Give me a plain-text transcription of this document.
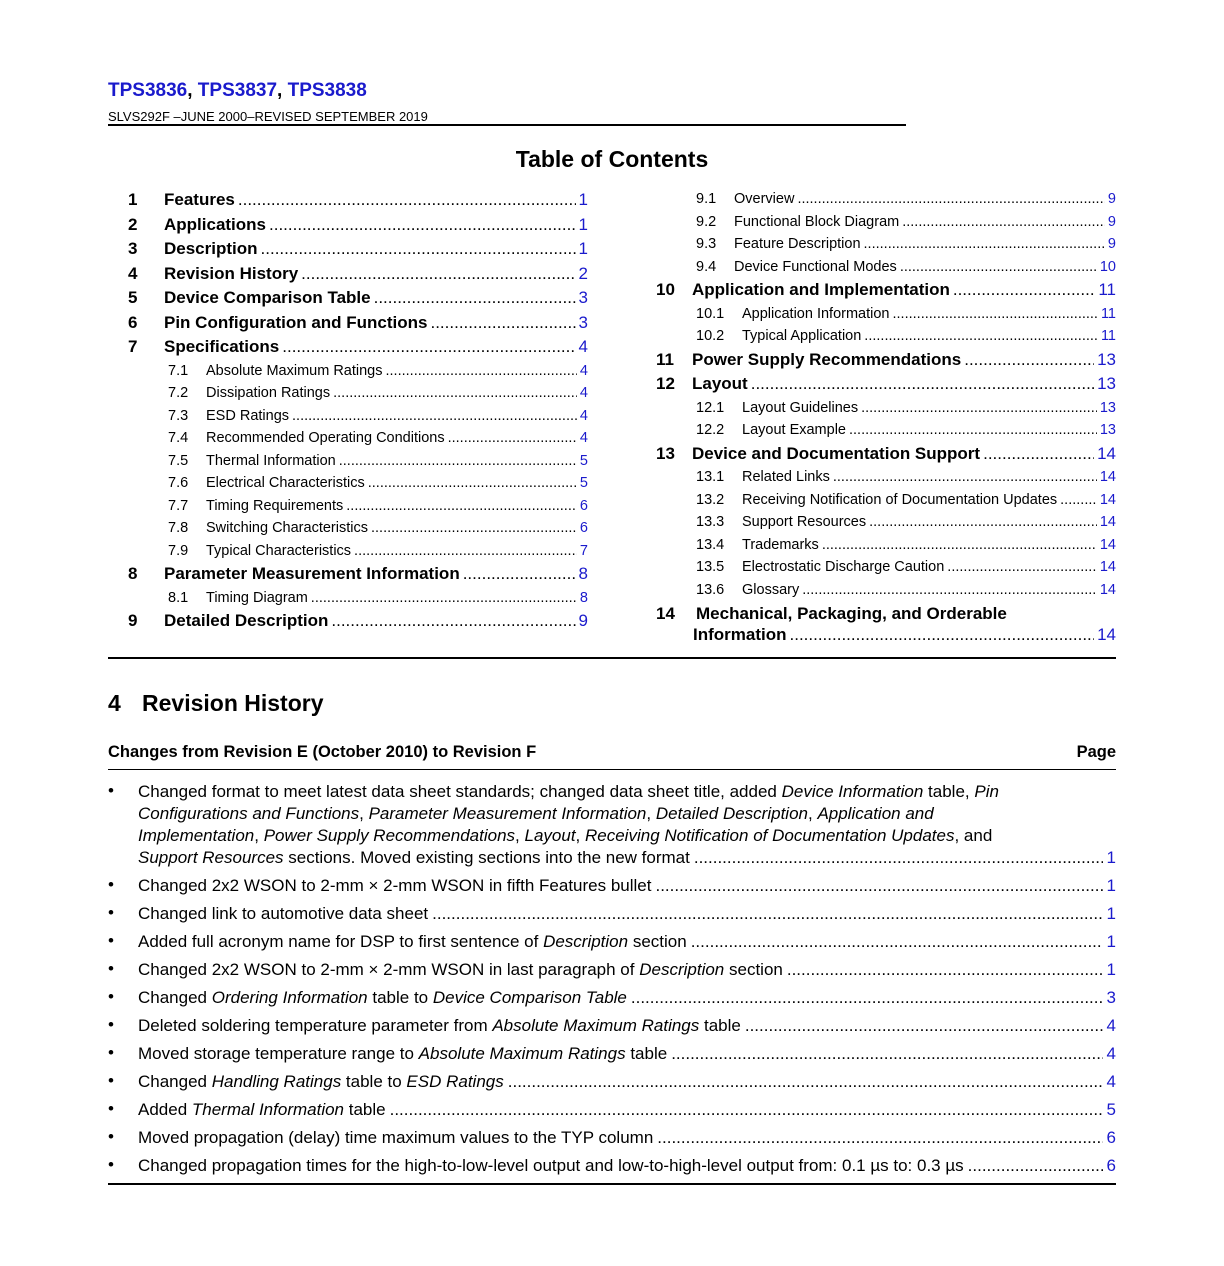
TPS3836, TPS3837, TPS3838
SLVS292F –JUNE 2000–REVISED SEPTEMBER 2019
Table of Contents
1	Features .....	1
2	Applications .....	1
3	Description .....	1
4	Revision History .....	2
5	Device Comparison Table .....	3
6	Pin Configuration and Functions .....	3
7	Specifications .....	4
7.1	Absolute Maximum Ratings .....	4
7.2	Dissipation Ratings .....	4
7.3	ESD Ratings .....	4
7.4	Recommended Operating Conditions .....	4
7.5	Thermal Information .....	5
7.6	Electrical Characteristics .....	5
7.7	Timing Requirements .....	6
7.8	Switching Characteristics .....	6
7.9	Typical Characteristics .....	7
8	Parameter Measurement Information .....	8
8.1	Timing Diagram .....	8
9	Detailed Description .....	9
9.1	Overview .....	9
9.2	Functional Block Diagram .....	9
9.3	Feature Description .....	9
9.4	Device Functional Modes .....	10
10	Application and Implementation .....	11
10.1	Application Information .....	11
10.2	Typical Application .....	11
11	Power Supply Recommendations .....	13
12	Layout .....	13
12.1	Layout Guidelines .....	13
12.2	Layout Example .....	13
13	Device and Documentation Support .....	14
13.1	Related Links .....	14
13.2	Receiving Notification of Documentation Updates .....	14
13.3	Support Resources .....	14
13.4	Trademarks .....	14
13.5	Electrostatic Discharge Caution .....	14
13.6	Glossary .....	14
14	Mechanical, Packaging, and Orderable
Information .....	14
4 Revision History
Changes from Revision E (October 2010) to Revision F	Page
• Changed format to meet latest data sheet standards; changed data sheet title, added Device Information table, Pin
Configurations and Functions, Parameter Measurement Information, Detailed Description, Application and
Implementation, Power Supply Recommendations, Layout, Receiving Notification of Documentation Updates, and
Support Resources sections. Moved existing sections into the new format .....	1
• Changed 2x2 WSON to 2-mm × 2-mm WSON in fifth Features bullet .....	1
• Changed link to automotive data sheet .....	1
• Added full acronym name for DSP to first sentence of Description section .....	1
• Changed 2x2 WSON to 2-mm × 2-mm WSON in last paragraph of Description section .....	1
• Changed Ordering Information table to Device Comparison Table .....	3
• Deleted soldering temperature parameter from Absolute Maximum Ratings table .....	4
• Moved storage temperature range to Absolute Maximum Ratings table .....	4
• Changed Handling Ratings table to ESD Ratings .....	4
• Added Thermal Information table .....	5
• Moved propagation (delay) time maximum values to the TYP column .....	6
• Changed propagation times for the high-to-low-level output and low-to-high-level output from: 0.1 µs to: 0.3 µs .....	6
